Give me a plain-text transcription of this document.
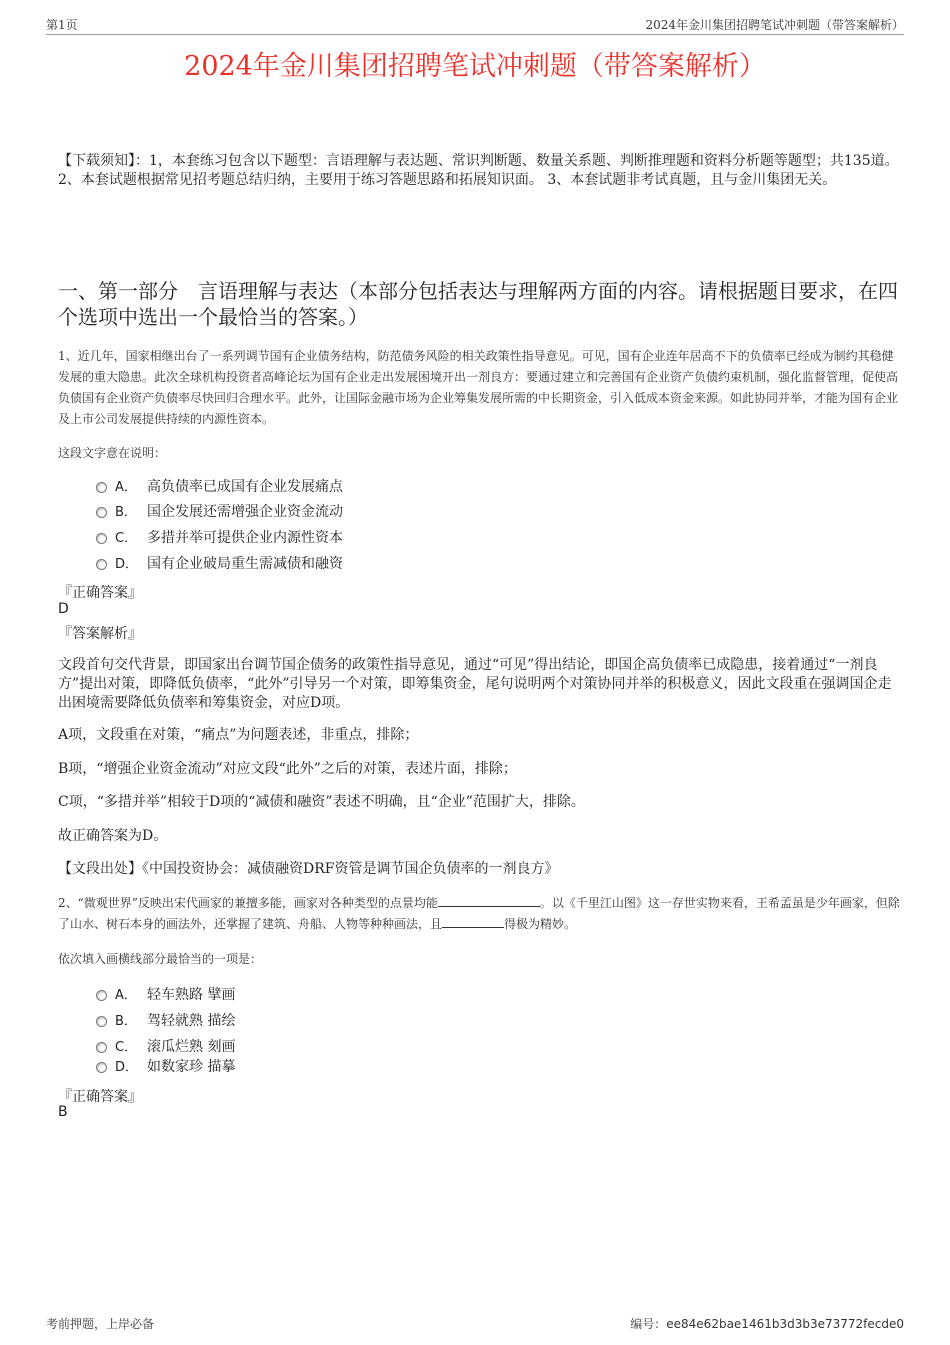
第1页	2024年金川集团招聘笔试冲刺题（带答案解析）
2024年金川集团招聘笔试冲刺题（带答案解析）
【下载须知】：1，本套练习包含以下题型：言语理解与表达题、常识判断题、数量关系题、判断推理题和资料分析题等题型；共135道。 2、本套试题根据常见招考题总结归纳，主要用于练习答题思路和拓展知识面。 3、本套试题非考试真题，且与金川集团无关。
一、第一部分　言语理解与表达（本部分包括表达与理解两方面的内容。请根据题目要求，在四个选项中选出一个最恰当的答案。）
1、近几年，国家相继出台了一系列调节国有企业债务结构，防范债务风险的相关政策性指导意见。可见，国有企业连年居高不下的负债率已经成为制约其稳健发展的重大隐患。此次全球机构投资者高峰论坛为国有企业走出发展困境开出一剂良方：要通过建立和完善国有企业资产负债约束机制，强化监督管理，促使高负债国有企业资产负债率尽快回归合理水平。此外，让国际金融市场为企业筹集发展所需的中长期资金，引入低成本资金来源。如此协同并举，才能为国有企业及上市公司发展提供持续的内源性资本。
这段文字意在说明：
A． 高负债率已成国有企业发展痛点
B． 国企发展还需增强企业资金流动
C． 多措并举可提供企业内源性资本
D． 国有企业破局重生需减债和融资
『正确答案』
D
『答案解析』
文段首句交代背景，即国家出台调节国企债务的政策性指导意见，通过“可见”得出结论，即国企高负债率已成隐患，接着通过“一剂良方”提出对策，即降低负债率，“此外”引导另一个对策，即筹集资金，尾句说明两个对策协同并举的积极意义，因此文段重在强调国企走出困境需要降低负债率和筹集资金，对应D项。
A项，文段重在对策，“痛点”为问题表述，非重点，排除；
B项，“增强企业资金流动”对应文段“此外”之后的对策，表述片面，排除；
C项，“多措并举”相较于D项的“减债和融资”表述不明确，且“企业”范围扩大，排除。
故正确答案为D。
【文段出处】《中国投资协会：减债融资DRF资管是调节国企负债率的一剂良方》
2、“微观世界”反映出宋代画家的兼擅多能，画家对各种类型的点景均能	。以《千里江山图》这一存世实物来看，王希孟虽是少年画家，但除了山水、树石本身的画法外，还掌握了建筑、舟船、人物等种种画法，且	得极为精妙。
依次填入画横线部分最恰当的一项是：
A． 轻车熟路 擘画
B． 驾轻就熟 描绘
C． 滚瓜烂熟 刻画
D． 如数家珍 描摹
『正确答案』
B
考前押题，上岸必备	编号：ee84e62bae1461b3d3b3e73772fecde0
